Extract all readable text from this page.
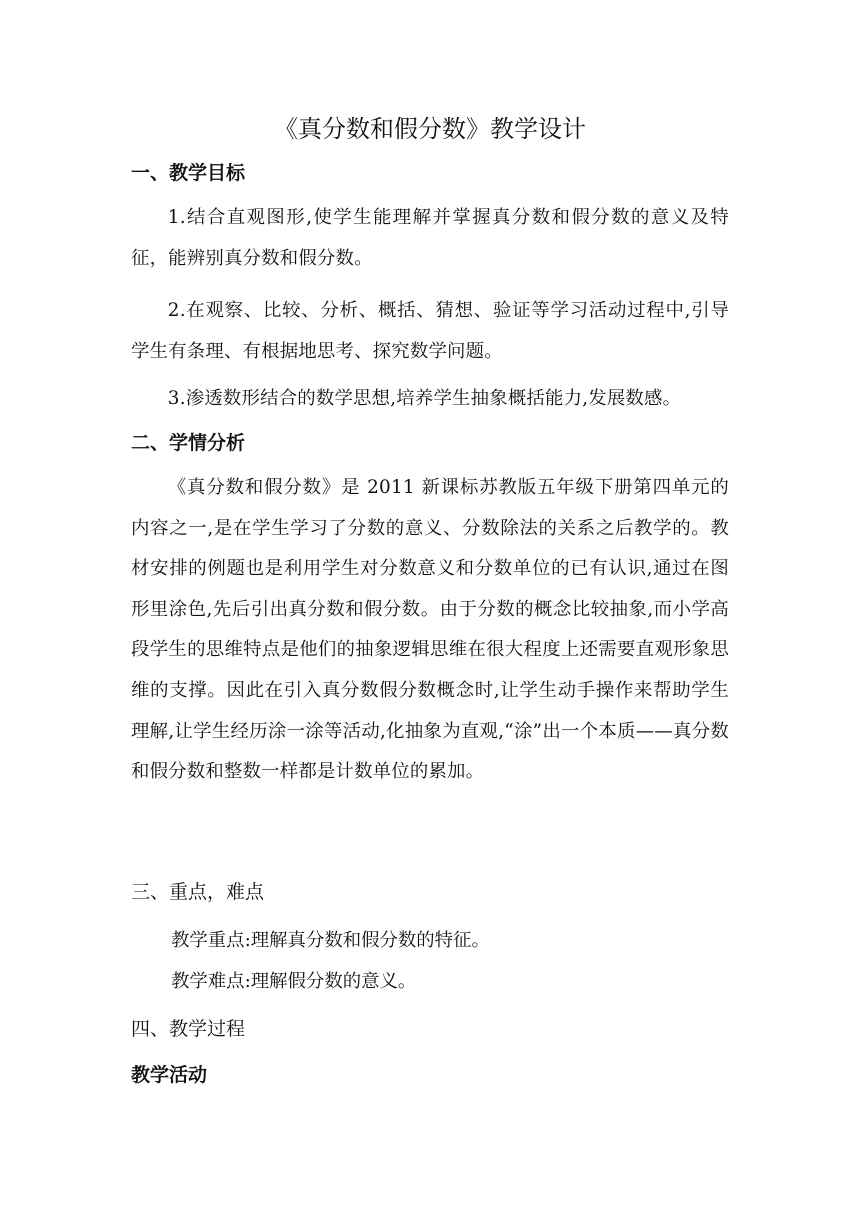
《真分数和假分数》教学设计
一、教学目标

1.结合直观图形,使学生能理解并掌握真分数和假分数的意义及特征，能辨别真分数和假分数。

2.在观察、比较、分析、概括、猜想、验证等学习活动过程中,引导学生有条理、有根据地思考、探究数学问题。

3.渗透数形结合的数学思想,培养学生抽象概括能力,发展数感。

二、学情分析

《真分数和假分数》是 2011 新课标苏教版五年级下册第四单元的内容之一,是在学生学习了分数的意义、分数除法的关系之后教学的。教材安排的例题也是利用学生对分数意义和分数单位的已有认识,通过在图形里涂色,先后引出真分数和假分数。由于分数的概念比较抽象,而小学高段学生的思维特点是他们的抽象逻辑思维在很大程度上还需要直观形象思维的支撑。因此在引入真分数假分数概念时,让学生动手操作来帮助学生理解,让学生经历涂一涂等活动,化抽象为直观,“涂”出一个本质——真分数和假分数和整数一样都是计数单位的累加。

三、重点，难点
教学重点:理解真分数和假分数的特征。
教学难点:理解假分数的意义。
四、教学过程
教学活动
